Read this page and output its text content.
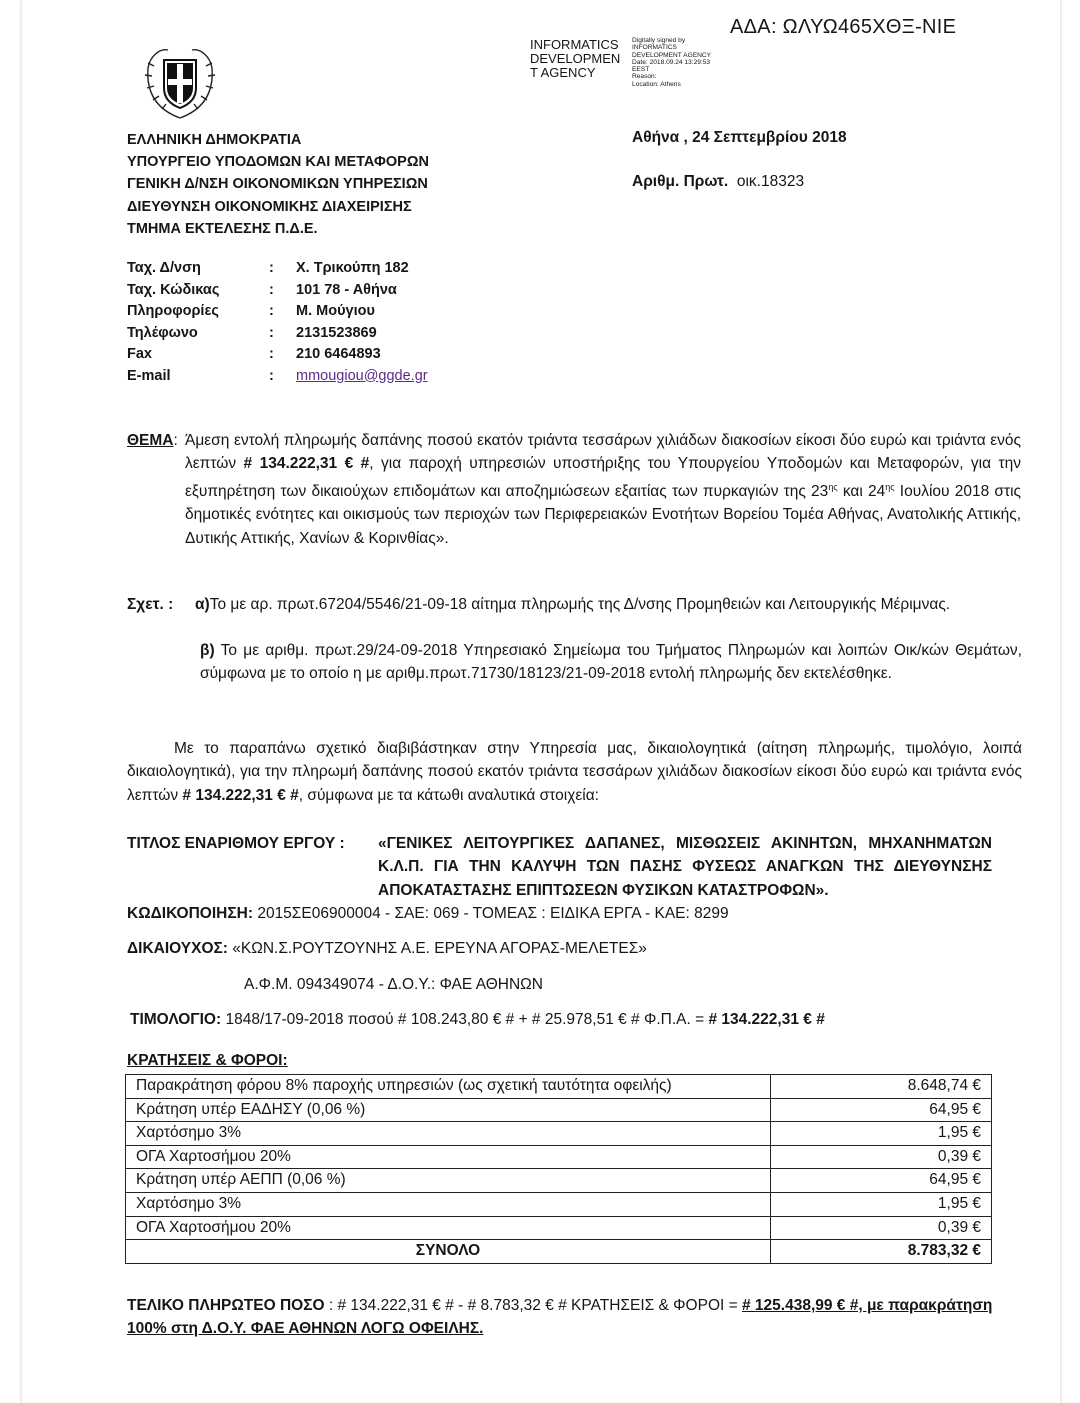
ΑΔΑ: ΩΛΥΩ465ΧΘΞ-ΝΙΕ
INFORMATICS
DEVELOPMEN
T AGENCY
Digitally signed by
INFORMATICS
DEVELOPMENT AGENCY
Date: 2018.09.24 13:29:53
EEST
Reason:
Location: Athens
ΕΛΛΗΝΙΚΗ ΔΗΜΟΚΡΑΤΙΑ
ΥΠΟΥΡΓΕΙΟ ΥΠΟΔΟΜΩΝ ΚΑΙ ΜΕΤΑΦΟΡΩΝ
ΓΕΝΙΚΗ Δ/ΝΣΗ ΟΙΚΟΝΟΜΙΚΩΝ ΥΠΗΡΕΣΙΩΝ
ΔΙΕΥΘΥΝΣΗ ΟΙΚΟΝΟΜΙΚΗΣ ΔΙΑΧΕΙΡΙΣΗΣ
ΤΜΗΜΑ ΕΚΤΕΛΕΣΗΣ Π.Δ.Ε.
Αθήνα , 24 Σεπτεμβρίου 2018
Αριθμ. Πρωτ. οικ.18323
Ταχ. Δ/νση	:	Χ. Τρικούπη 182
Ταχ. Κώδικας	:	101 78 - Αθήνα
Πληροφορίες	:	Μ. Μούγιου
Τηλέφωνο	:	2131523869
Fax	:	210 6464893
E-mail	:	mmougiou@ggde.gr
ΘΕΜΑ: Άμεση εντολή πληρωμής δαπάνης ποσού εκατόν τριάντα τεσσάρων χιλιάδων διακοσίων είκοσι δύο ευρώ και τριάντα ενός λεπτών # 134.222,31 € #, για παροχή υπηρεσιών υποστήριξης του Υπουργείου Υποδομών και Μεταφορών, για την εξυπηρέτηση των δικαιούχων επιδομάτων και αποζημιώσεων εξαιτίας των πυρκαγιών της $23^{\eta\varsigma}$ και $24^{\eta\varsigma}$ Ιουλίου 2018 στις δημοτικές ενότητες και οικισμούς των περιοχών των Περιφερειακών Ενοτήτων Βορείου Τομέα Αθήνας, Ανατολικής Αττικής, Δυτικής Αττικής, Χανίων & Κορινθίας».
Σχετ. : α)Το με αρ. πρωτ.67204/5546/21-09-18 αίτημα πληρωμής της Δ/νσης Προμηθειών και Λειτουργικής Μέριμνας.
β) Το με αριθμ. πρωτ.29/24-09-2018 Υπηρεσιακό Σημείωμα του Τμήματος Πληρωμών και λοιπών Οικ/κών Θεμάτων, σύμφωνα με το οποίο η με αριθμ.πρωτ.71730/18123/21-09-2018 εντολή πληρωμής δεν εκτελέσθηκε.
Με το παραπάνω σχετικό διαβιβάστηκαν στην Υπηρεσία μας, δικαιολογητικά (αίτηση πληρωμής, τιμολόγιο, λοιπά δικαιολογητικά), για την πληρωμή δαπάνης ποσού εκατόν τριάντα τεσσάρων χιλιάδων διακοσίων είκοσι δύο ευρώ και τριάντα ενός λεπτών # 134.222,31 € #, σύμφωνα με τα κάτωθι αναλυτικά στοιχεία:
ΤΙΤΛΟΣ ΕΝΑΡΙΘΜΟΥ ΕΡΓΟΥ : «ΓΕΝΙΚΕΣ ΛΕΙΤΟΥΡΓΙΚΕΣ ΔΑΠΑΝΕΣ, ΜΙΣΘΩΣΕΙΣ ΑΚΙΝΗΤΩΝ, ΜΗΧΑΝΗΜΑΤΩΝ Κ.Λ.Π. ΓΙΑ ΤΗΝ ΚΑΛΥΨΗ ΤΩΝ ΠΑΣΗΣ ΦΥΣΕΩΣ ΑΝΑΓΚΩΝ ΤΗΣ ΔΙΕΥΘΥΝΣΗΣ ΑΠΟΚΑΤΑΣΤΑΣΗΣ ΕΠΙΠΤΩΣΕΩΝ ΦΥΣΙΚΩΝ ΚΑΤΑΣΤΡΟΦΩΝ».
ΚΩΔΙΚΟΠΟΙΗΣΗ: 2015ΣΕ06900004 - ΣΑΕ: 069 - ΤΟΜΕΑΣ : ΕΙΔΙΚΑ ΕΡΓΑ - ΚΑΕ: 8299
ΔΙΚΑΙΟΥΧΟΣ: «ΚΩΝ.Σ.ΡΟΥΤΖΟΥΝΗΣ Α.Ε. ΕΡΕΥΝΑ ΑΓΟΡΑΣ-ΜΕΛΕΤΕΣ»
Α.Φ.Μ. 094349074 - Δ.Ο.Υ.: ΦΑΕ ΑΘΗΝΩΝ
ΤΙΜΟΛΟΓΙΟ: 1848/17-09-2018 ποσού # 108.243,80 € # + # 25.978,51 € # Φ.Π.Α. = # 134.222,31 € #
ΚΡΑΤΗΣΕΙΣ & ΦΟΡΟΙ:
Παρακράτηση φόρου 8% παροχής υπηρεσιών (ως σχετική ταυτότητα οφειλής)	8.648,74 €
Κράτηση υπέρ ΕΑΔΗΣΥ (0,06 %)	64,95 €
Χαρτόσημο 3%	1,95 €
ΟΓΑ Χαρτοσήμου 20%	0,39 €
Κράτηση υπέρ ΑΕΠΠ (0,06 %)	64,95 €
Χαρτόσημο 3%	1,95 €
ΟΓΑ Χαρτοσήμου 20%	0,39 €
ΣΥΝΟΛΟ	8.783,32 €
ΤΕΛΙΚΟ ΠΛΗΡΩΤΕΟ ΠΟΣΟ : # 134.222,31 € # - # 8.783,32 € # ΚΡΑΤΗΣΕΙΣ & ΦΟΡΟΙ = # 125.438,99 € #, με παρακράτηση 100% στη Δ.Ο.Υ. ΦΑΕ ΑΘΗΝΩΝ ΛΟΓΩ ΟΦΕΙΛΗΣ.
